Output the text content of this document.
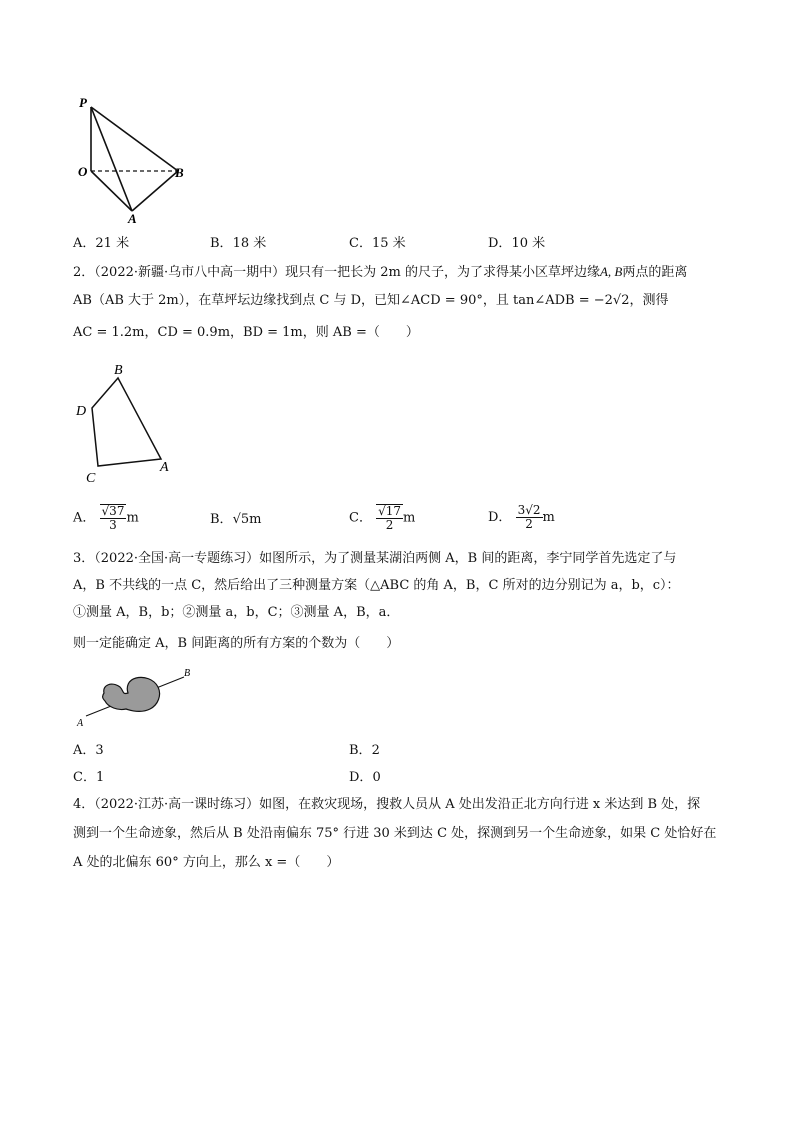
P
O	B
A
A．21 米	B．18 米	C．15 米	D．10 米
2．（2022·新疆·乌市八中高一期中）现只有一把长为 2m 的尺子，为了求得某小区草坪边缘A, B两点的距离
AB（AB 大于 2m），在草坪坛边缘找到点 C 与 D，已知∠ACD = 90°，且 tan∠ADB = −2√2，测得
AC = 1.2m，CD = 0.9m，BD = 1m，则 AB =（　　）
B
D
C
A
A． $\frac{√37}{3}$ m	B．√5m	C． $\frac{√17}{2}$ m	D． $\frac{3√2}{2}$ m
3．（2022·全国·高一专题练习）如图所示，为了测量某湖泊两侧 A，B 间的距离，李宁同学首先选定了与
A，B 不共线的一点 C，然后给出了三种测量方案（△ABC 的角 A，B，C 所对的边分别记为 a，b，c）：
①测量 A，B，b；②测量 a，b，C；③测量 A，B，a．
则一定能确定 A，B 间距离的所有方案的个数为（　　）
A
B
A．3	B．2
C．1	D．0
4．（2022·江苏·高一课时练习）如图，在救灾现场，搜救人员从 A 处出发沿正北方向行进 x 米达到 B 处，探
测到一个生命迹象，然后从 B 处沿南偏东 75° 行进 30 米到达 C 处，探测到另一个生命迹象，如果 C 处恰好在
A 处的北偏东 60° 方向上，那么 x =（　　）
